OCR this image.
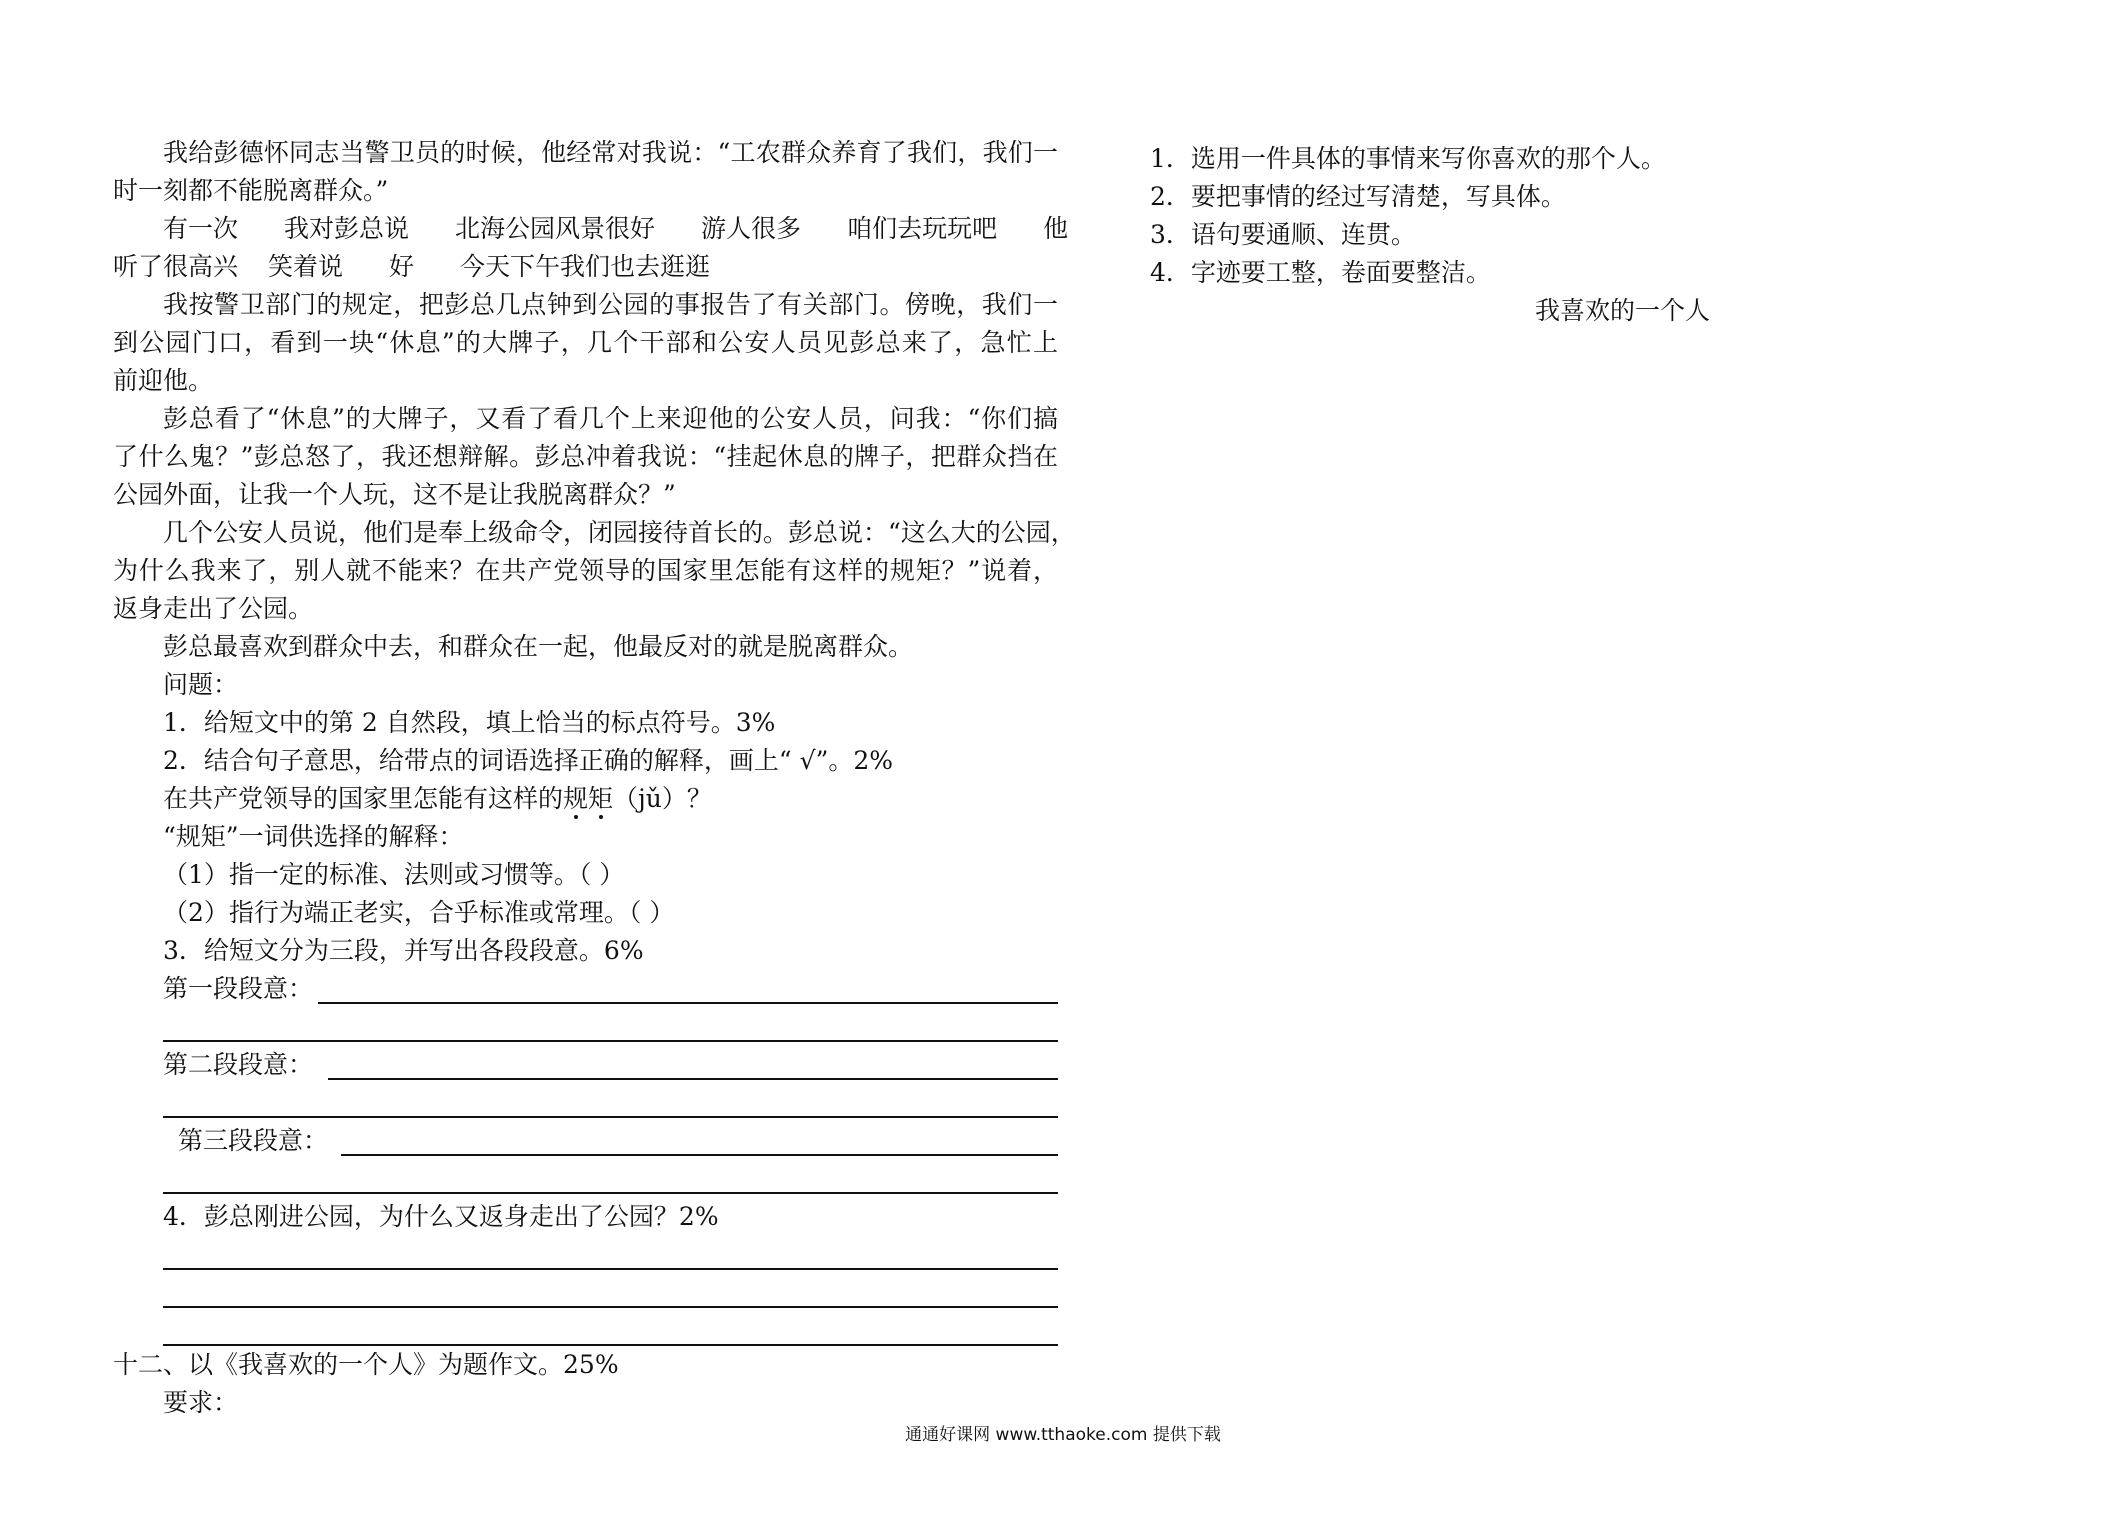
我给彭德怀同志当警卫员的时候，他经常对我说：“工农群众养育了我们，我们一
时一刻都不能脱离群众。”
有一次 我对彭总说 北海公园风景很好 游人很多 咱们去玩玩吧 他
听了很高兴 笑着说 好 今天下午我们也去逛逛
我按警卫部门的规定，把彭总几点钟到公园的事报告了有关部门。傍晚，我们一
到公园门口，看到一块“休息”的大牌子，几个干部和公安人员见彭总来了，急忙上
前迎他。
彭总看了“休息”的大牌子，又看了看几个上来迎他的公安人员，问我：“你们搞
了什么鬼？”彭总怒了，我还想辩解。彭总冲着我说：“挂起休息的牌子，把群众挡在
公园外面，让我一个人玩，这不是让我脱离群众？”
几个公安人员说，他们是奉上级命令，闭园接待首长的。彭总说：“这么大的公园，
为什么我来了，别人就不能来？在共产党领导的国家里怎能有这样的规矩？”说着，
返身走出了公园。
彭总最喜欢到群众中去，和群众在一起，他最反对的就是脱离群众。
问题：
1．给短文中的第 2 自然段，填上恰当的标点符号。3%
2．结合句子意思，给带点的词语选择正确的解释，画上“ √”。2%
在共产党领导的国家里怎能有这样的规矩
（jǔ）？
“规矩”一词供选择的解释：
（1）指一定的标准、法则或习惯等。（ ）
（2）指行为端正老实，合乎标准或常理。（ ）
3．给短文分为三段，并写出各段段意。6%
第一段段意：
第二段段意：
第三段段意：
4．彭总刚进公园，为什么又返身走出了公园？2%
十二、以《我喜欢的一个人》为题作文。25%
要求：
1．选用一件具体的事情来写你喜欢的那个人。
2．要把事情的经过写清楚，写具体。
3．语句要通顺、连贯。
4．字迹要工整，卷面要整洁。
我喜欢的一个人
通通好课网 www.tthaoke.com 提供下载
